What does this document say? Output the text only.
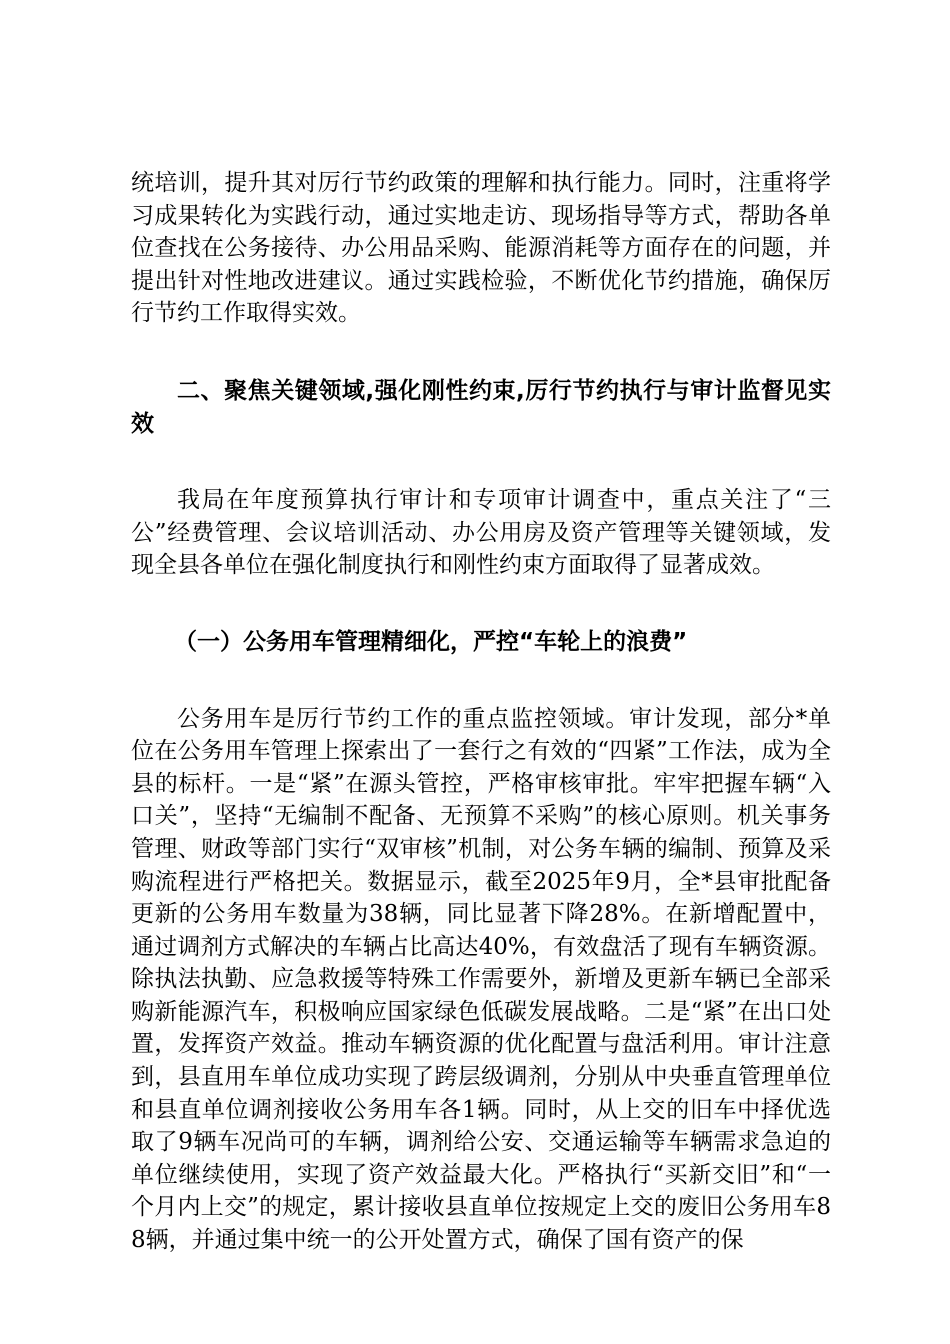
统培训，提升其对厉行节约政策的理解和执行能力。同时，注重将学习成果转化为实践行动，通过实地走访、现场指导等方式，帮助各单位查找在公务接待、办公用品采购、能源消耗等方面存在的问题，并提出针对性地改进建议。通过实践检验，不断优化节约措施，确保厉行节约工作取得实效。

二、聚焦关键领域,强化刚性约束,厉行节约执行与审计监督见实效

我局在年度预算执行审计和专项审计调查中，重点关注了“三公”经费管理、会议培训活动、办公用房及资产管理等关键领域，发现全县各单位在强化制度执行和刚性约束方面取得了显著成效。

（一）公务用车管理精细化，严控“车轮上的浪费”

公务用车是厉行节约工作的重点监控领域。审计发现，部分*单位在公务用车管理上探索出了一套行之有效的“四紧”工作法，成为全县的标杆。一是“紧”在源头管控，严格审核审批。牢牢把握车辆“入口关”，坚持“无编制不配备、无预算不采购”的核心原则。机关事务管理、财政等部门实行“双审核”机制，对公务车辆的编制、预算及采购流程进行严格把关。数据显示，截至2025年9月，全*县审批配备更新的公务用车数量为38辆，同比显著下降28%。在新增配置中，通过调剂方式解决的车辆占比高达40%，有效盘活了现有车辆资源。除执法执勤、应急救援等特殊工作需要外，新增及更新车辆已全部采购新能源汽车，积极响应国家绿色低碳发展战略。二是“紧”在出口处置，发挥资产效益。推动车辆资源的优化配置与盘活利用。审计注意到，县直用车单位成功实现了跨层级调剂，分别从中央垂直管理单位和县直单位调剂接收公务用车各1辆。同时，从上交的旧车中择优选取了9辆车况尚可的车辆，调剂给公安、交通运输等车辆需求急迫的单位继续使用，实现了资产效益最大化。严格执行“买新交旧”和“一个月内上交”的规定，累计接收县直单位按规定上交的废旧公务用车88辆，并通过集中统一的公开处置方式，确保了国有资产的保
